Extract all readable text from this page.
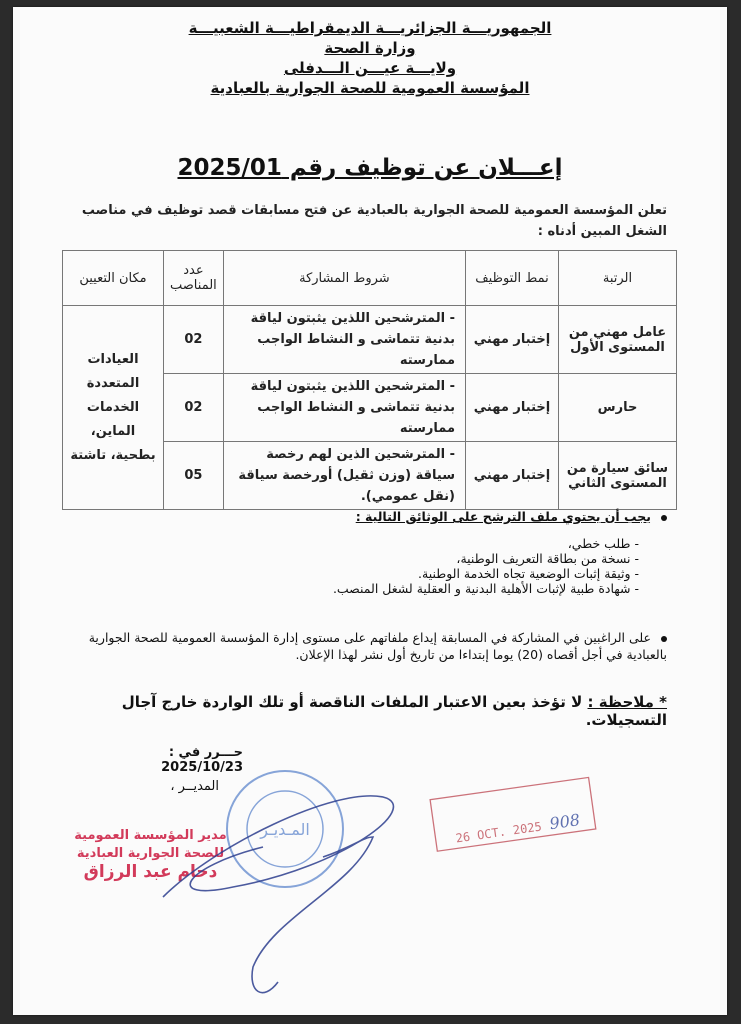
الجمهوريـــة الجزائريـــة الديمقراطيـــة الشعبيـــة
وزارة الصحة
ولايـــة عيـــن الـــدفلى
المؤسسة العمومية للصحة الجوارية بالعبادية
إعـــلان عن توظيف رقم 2025/01
تعلن المؤسسة العمومية للصحة الجوارية بالعبادية عن فتح مسابقات قصد توظيف في مناصب الشغل المبين أدناه :
الرتبة	نمط التوظيف	شروط المشاركة	عدد المناصب	مكان التعيين
عامل مهني من المستوى الأول	إختبار مهني	- المترشحين اللذين يثبتون لياقة بدنية تتماشى و النشاط الواجب ممارسته	02	العيادات المتعددة الخدمات الماين، بطحية، تاشتة
حارس	إختبار مهني	- المترشحين اللذين يثبتون لياقة بدنية تتماشى و النشاط الواجب ممارسته	02	
سائق سيارة من المستوى الثاني	إختبار مهني	- المترشحين الذين لهم رخصة سياقة (وزن ثقيل) أورخصة سياقة (نقل عمومي).	05	
يجب أن يحتوي ملف الترشح على الوثائق التالية :
- طلب خطي،
- نسخة من بطاقة التعريف الوطنية،
- وثيقة إثبات الوضعية تجاه الخدمة الوطنية.
- شهادة طبية لإثبات الأهلية البدنية و العقلية لشغل المنصب.
على الراغبين في المشاركة في المسابقة إيداع ملفاتهم على مستوى إدارة المؤسسة العمومية للصحة الجوارية بالعبادية في أجل أقصاه (20) يوما إبتداءا من تاريخ أول نشر لهذا الإعلان.
* ملاحظة : لا تؤخذ بعين الاعتبار الملفات الناقصة أو تلك الواردة خارج آجال التسجيلات.
حـــرر في : 2025/10/23
المديــر ،
مدير المؤسسة العمومية
للصحة الجوارية العبادية
دحام عبد الرزاق
المـديـر	26 OCT. 2025 908
